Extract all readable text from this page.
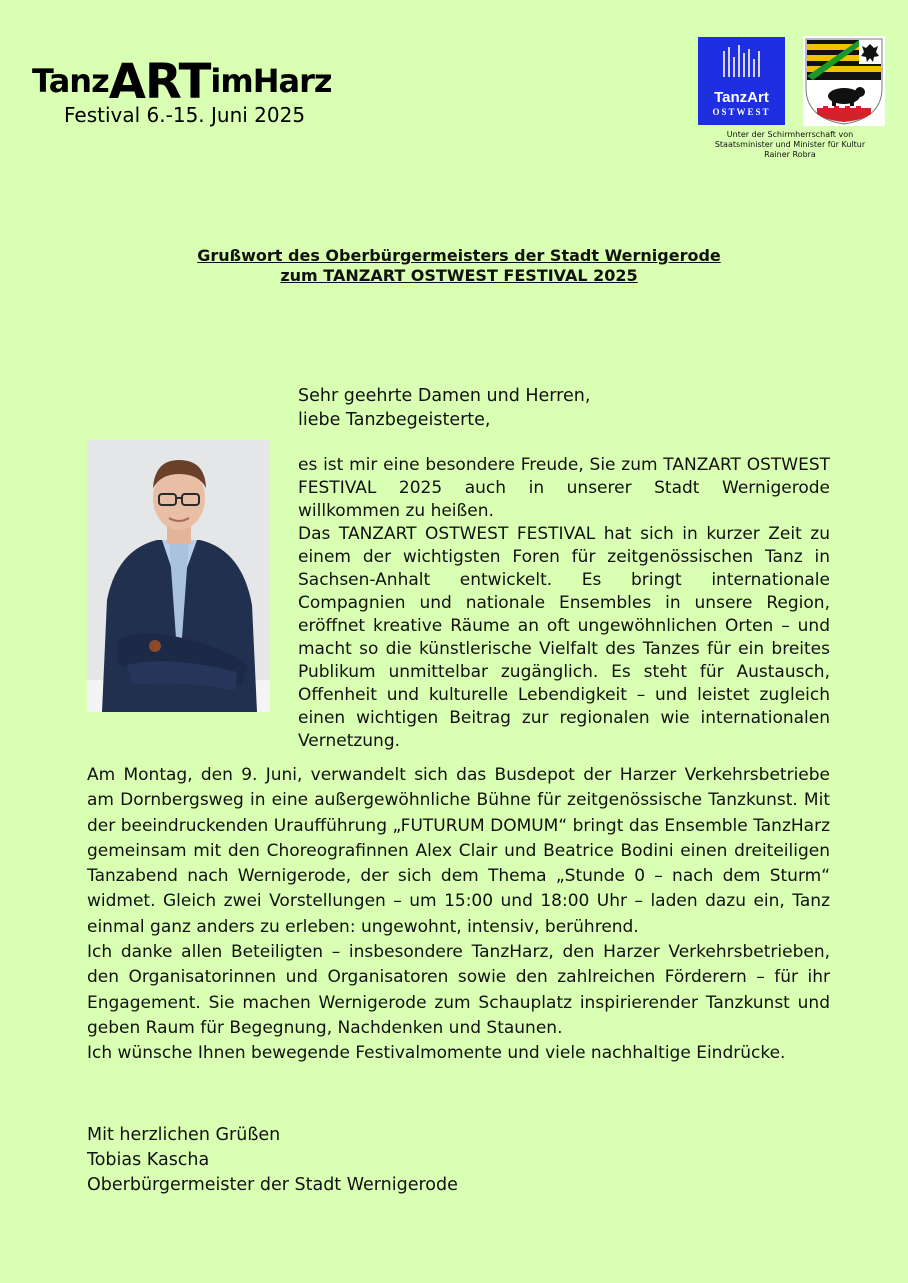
TanzARTimHarz
Festival 6.-15. Juni 2025
TanzArt
OSTWEST
Unter der Schirmherrschaft von
Staatsminister und Minister für Kultur
Rainer Robra
Grußwort des Oberbürgermeisters der Stadt Wernigerode
zum TANZART OSTWEST FESTIVAL 2025
Sehr geehrte Damen und Herren,
liebe Tanzbegeisterte,

es ist mir eine besondere Freude, Sie zum TANZART OSTWEST FESTIVAL 2025 auch in unserer Stadt Wernigerode willkommen zu heißen.

Das TANZART OSTWEST FESTIVAL hat sich in kurzer Zeit zu einem der wichtigsten Foren für zeitgenössischen Tanz in Sachsen-Anhalt entwickelt. Es bringt internationale Compagnien und nationale Ensembles in unsere Region, eröffnet kreative Räume an oft ungewöhnlichen Orten – und macht so die künstlerische Vielfalt des Tanzes für ein breites Publikum unmittelbar zugänglich. Es steht für Austausch, Offenheit und kulturelle Lebendigkeit – und leistet zugleich einen wichtigen Beitrag zur regionalen wie internationalen Vernetzung.

Am Montag, den 9. Juni, verwandelt sich das Busdepot der Harzer Verkehrsbetriebe am Dornbergsweg in eine außergewöhnliche Bühne für zeitgenössische Tanzkunst. Mit der beeindruckenden Uraufführung „FUTURUM DOMUM“ bringt das Ensemble TanzHarz gemeinsam mit den Choreografinnen Alex Clair und Beatrice Bodini einen dreiteiligen Tanzabend nach Wernigerode, der sich dem Thema „Stunde 0 – nach dem Sturm“ widmet. Gleich zwei Vorstellungen – um 15:00 und 18:00 Uhr – laden dazu ein, Tanz einmal ganz anders zu erleben: ungewohnt, intensiv, berührend.

Ich danke allen Beteiligten – insbesondere TanzHarz, den Harzer Verkehrsbetrieben, den Organisatorinnen und Organisatoren sowie den zahlreichen Förderern – für ihr Engagement. Sie machen Wernigerode zum Schauplatz inspirierender Tanzkunst und geben Raum für Begegnung, Nachdenken und Staunen.

Ich wünsche Ihnen bewegende Festivalmomente und viele nachhaltige Eindrücke.

Mit herzlichen Grüßen
Tobias Kascha
Oberbürgermeister der Stadt Wernigerode
